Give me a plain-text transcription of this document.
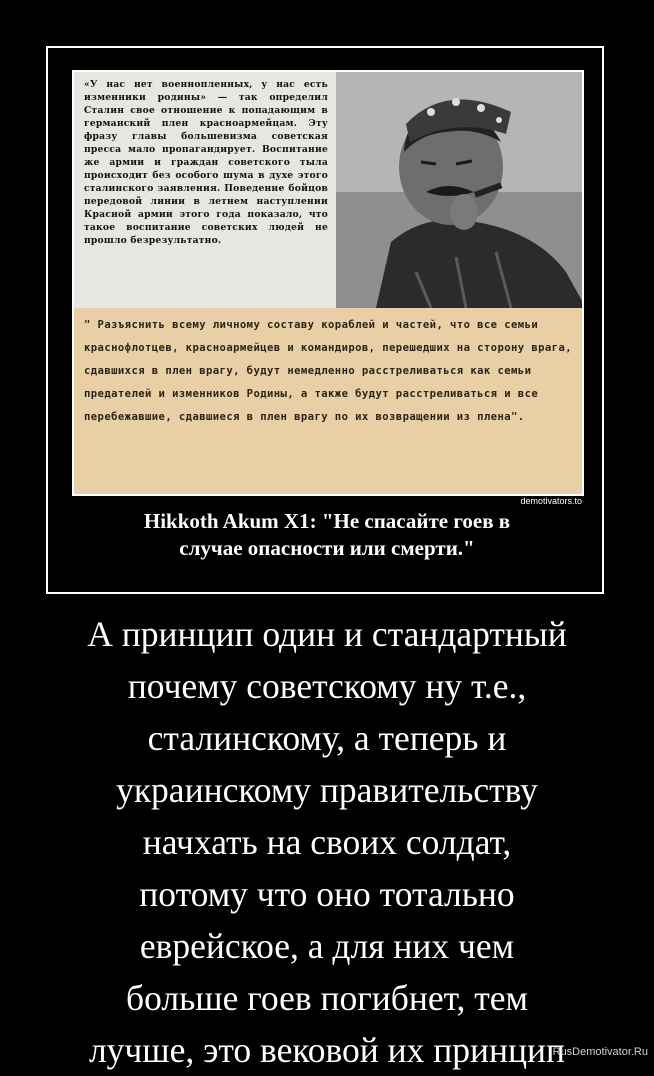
«У нас нет военнопленных, у нас есть изменники родины» — так определил Сталин свое отношение к попадающим в германский плен красноармейцам. Эту фразу главы большевизма советская пресса мало пропагандирует. Воспитание же армии и граждан советского тыла происходит без особого шума в духе этого сталинского заявления. Поведение бойцов передовой линии в летнем наступлении Красной армии этого года показало, что такое воспитание советских людей не прошло безрезультатно.
" Разъяснить всему личному составу кораблей и частей, что все семьи краснофлотцев, красноармейцев и командиров, перешедших на сторону врага, сдавшихся в плен врагу, будут немедленно расстреливаться как семьи предателей и изменников Родины, а также будут расстреливаться и все перебежавшие, сдавшиеся в плен врагу по их возвращении из плена".
demotivators.to
Hikkoth Akum X1: "Не спасайте гоев в
случае опасности или смерти."
А принцип один и стандартный
почему советскому ну т.е.,
сталинскому, а теперь и
украинскому правительству
начхать на своих солдат,
потому что оно тотально
еврейское, а для них чем
больше гоев погибнет, тем
лучше, это вековой их принцип
RusDemotivator.Ru
